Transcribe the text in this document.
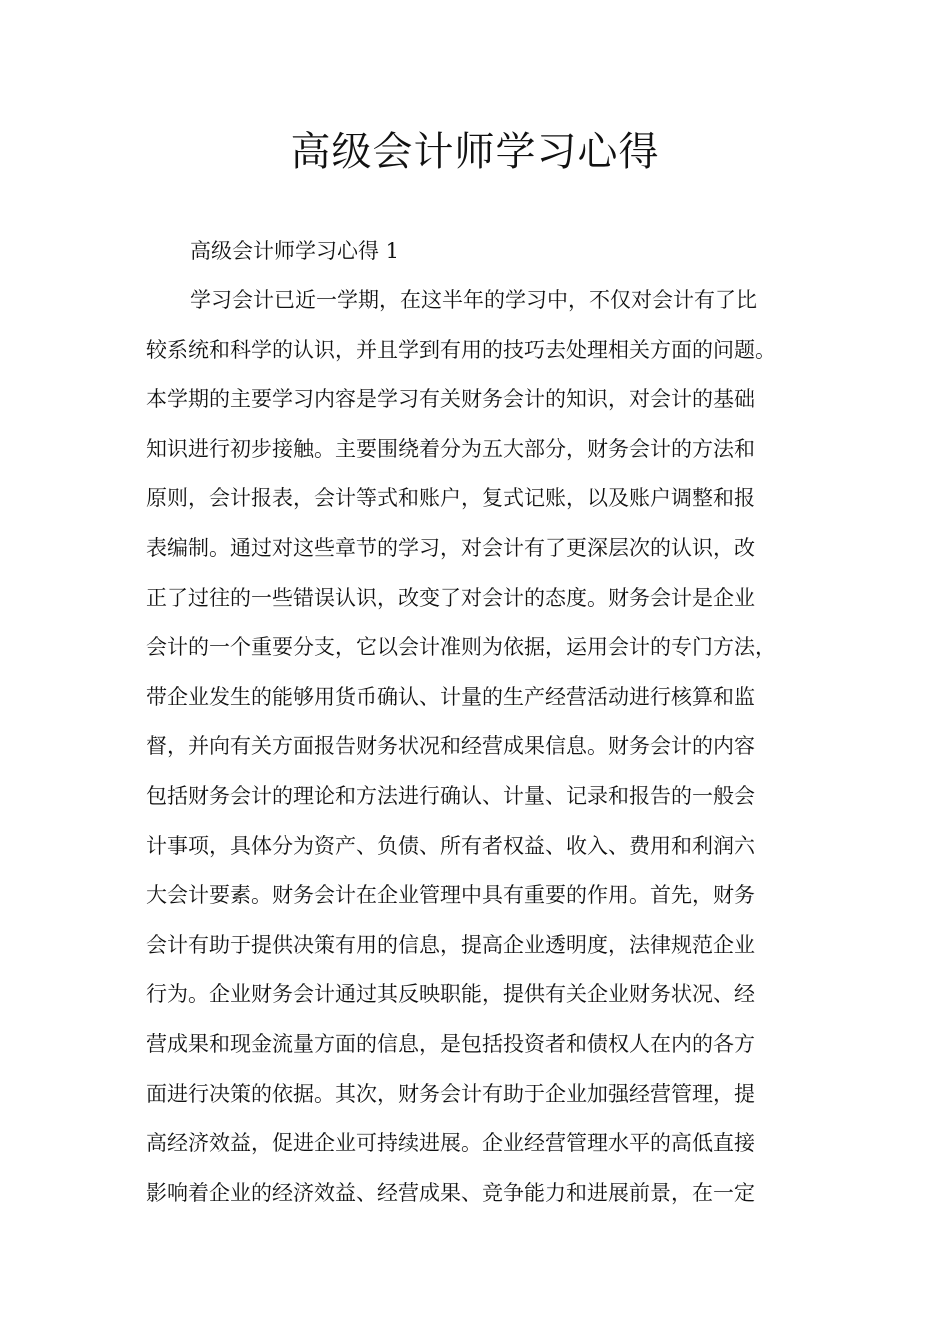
高级会计师学习心得
高级会计师学习心得 1
学习会计已近一学期，在这半年的学习中，不仅对会计有了比
较系统和科学的认识，并且学到有用的技巧去处理相关方面的问题。
本学期的主要学习内容是学习有关财务会计的知识，对会计的基础
知识进行初步接触。主要围绕着分为五大部分，财务会计的方法和
原则，会计报表，会计等式和账户，复式记账，以及账户调整和报
表编制。通过对这些章节的学习，对会计有了更深层次的认识，改
正了过往的一些错误认识，改变了对会计的态度。财务会计是企业
会计的一个重要分支，它以会计准则为依据，运用会计的专门方法，
带企业发生的能够用货币确认、计量的生产经营活动进行核算和监
督，并向有关方面报告财务状况和经营成果信息。财务会计的内容
包括财务会计的理论和方法进行确认、计量、记录和报告的一般会
计事项，具体分为资产、负债、所有者权益、收入、费用和利润六
大会计要素。财务会计在企业管理中具有重要的作用。首先，财务
会计有助于提供决策有用的信息，提高企业透明度，法律规范企业
行为。企业财务会计通过其反映职能，提供有关企业财务状况、经
营成果和现金流量方面的信息，是包括投资者和债权人在内的各方
面进行决策的依据。其次，财务会计有助于企业加强经营管理，提
高经济效益，促进企业可持续进展。企业经营管理水平的高低直接
影响着企业的经济效益、经营成果、竞争能力和进展前景，在一定
